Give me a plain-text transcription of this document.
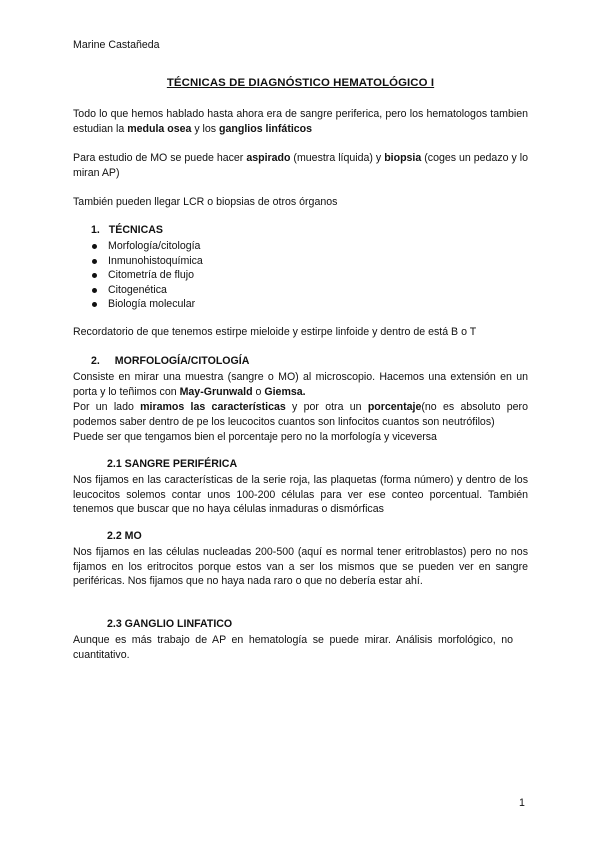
Marine Castañeda
TÉCNICAS DE DIAGNÓSTICO HEMATOLÓGICO I
Todo lo que hemos hablado hasta ahora era de sangre periferica, pero los hematologos tambien estudian la medula osea y los ganglios linfáticos
Para estudio de MO se puede hacer aspirado (muestra líquida) y biopsia (coges un pedazo y lo miran AP)
También pueden llegar LCR o biopsias de otros órganos
1. TÉCNICAS
Morfología/citología
Inmunohistoquímica
Citometría de flujo
Citogenética
Biología molecular
Recordatorio de que tenemos estirpe mieloide y estirpe linfoide y dentro de está B o T
2. MORFOLOGÍA/CITOLOGÍA
Consiste en mirar una muestra (sangre o MO) al microscopio. Hacemos una extensión en un porta y lo teñimos con May-Grunwald o Giemsa.
Por un lado miramos las características y por otra un porcentaje(no es absoluto pero podemos saber dentro de pe los leucocitos cuantos son linfocitos cuantos son neutrófilos)
Puede ser que tengamos bien el porcentaje pero no la morfología y viceversa
2.1 SANGRE PERIFÉRICA
Nos fijamos en las características de la serie roja, las plaquetas (forma número) y dentro de los leucocitos solemos contar unos 100-200 células para ver ese conteo porcentual. También tenemos que buscar que no haya células inmaduras o dismórficas
2.2 MO
Nos fijamos en las células nucleadas 200-500 (aquí es normal tener eritroblastos) pero no nos fijamos en los eritrocitos porque estos van a ser los mismos que se pueden ver en sangre periféricas. Nos fijamos que no haya nada raro o que no debería estar ahí.
2.3 GANGLIO LINFATICO
Aunque es más trabajo de AP en hematología se puede mirar. Análisis morfológico, no cuantitativo.
1
